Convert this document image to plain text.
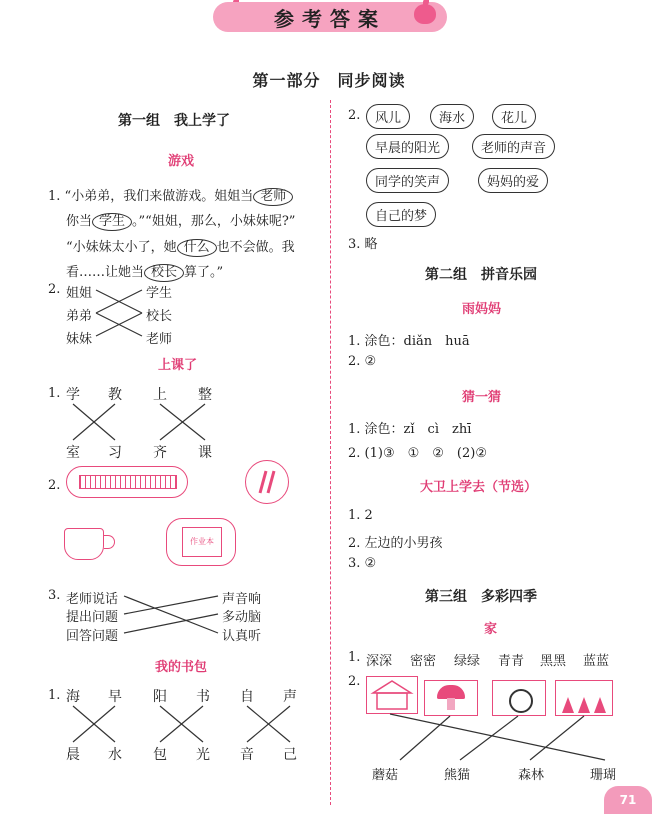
参考答案
第一部分　同步阅读
第一组　我上学了
游戏
1. “小弟弟，我们来做游戏。姐姐当 老师
你当 学生 。”“姐姐，那么，小妹妹呢?”
“小妹妹太小了，她 什么 也不会做。我
看……让她当 校长 算了。”
2. 姐姐
弟弟
妹妹
学生
校长
老师
上课了
1. 学 教 上 整
室 习 齐 课
2.
作业本
3. 老师说话
提出问题
回答问题
声音响
多动脑
认真听
我的书包
1. 海 早 阳 书 自 声
晨 水 包 光 音 己
2.	风儿	海水	花儿
早晨的阳光	老师的声音
同学的笑声	妈妈的爱
自己的梦
3. 略
第二组　拼音乐园
雨妈妈
1. 涂色：diǎn　huā
2. ②
猜一猜
1. 涂色：zǐ　cì　zhī
2. (1)③　①　②　(2)②
大卫上学去（节选）
1. 2
2. 左边的小男孩
3. ②
第三组　多彩四季
家
1. 深深 密密 绿绿 青青 黑黑 蓝蓝
2.
蘑菇	熊猫	森林	珊瑚
71
